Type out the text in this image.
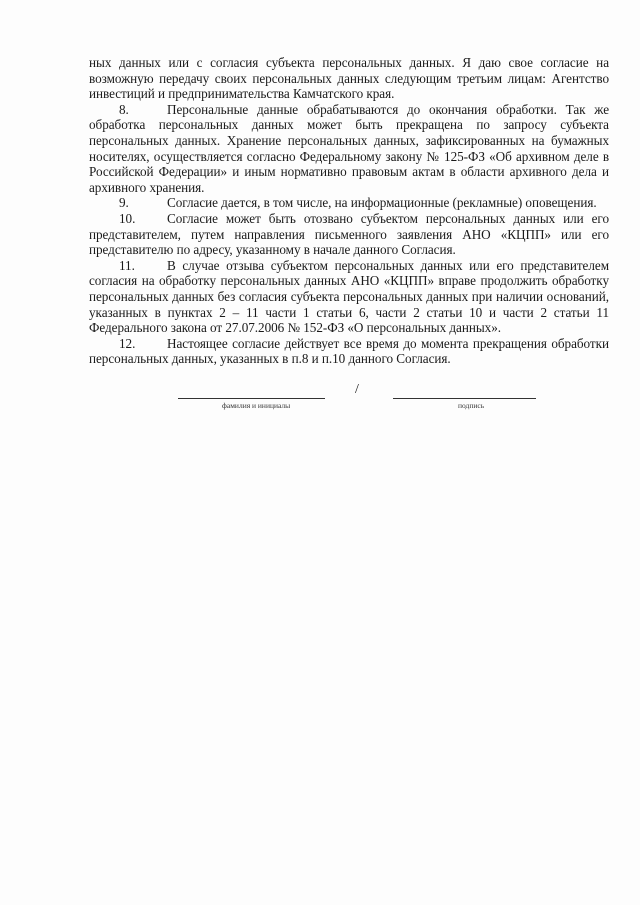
ных данных или с согласия субъекта персональных данных. Я даю свое согласие на возможную передачу своих персональных данных следующим третьим лицам: Агентство инвестиций и предпринимательства Камчатского края.

8.	Персональные данные обрабатываются до окончания обработки. Так же обработка персональных данных может быть прекращена по запросу субъекта персональных данных. Хранение персональных данных, зафиксированных на бумажных носителях, осуществляется согласно Федеральному закону № 125-ФЗ «Об архивном деле в Российской Федерации» и иным нормативно правовым актам в области архивного дела и архивного хранения.

9.	Согласие дается, в том числе, на информационные (рекламные) оповещения.

10. Согласие может быть отозвано субъектом персональных данных или его представителем, путем направления письменного заявления АНО «КЦПП» или его представителю по адресу, указанному в начале данного Согласия.

11. В случае отзыва субъектом персональных данных или его представителем согласия на обработку персональных данных АНО «КЦПП» вправе продолжить обработку персональных данных без согласия субъекта персональных данных при наличии оснований, указанных в пунктах 2 – 11 части 1 статьи 6, части 2 статьи 10 и части 2 статьи 11 Федерального закона от 27.07.2006 № 152-ФЗ «О персональных данных».

12. Настоящее согласие действует все время до момента прекращения обработки персональных данных, указанных в п.8 и п.10 данного Согласия.

/
фамилия и инициалы	подпись
